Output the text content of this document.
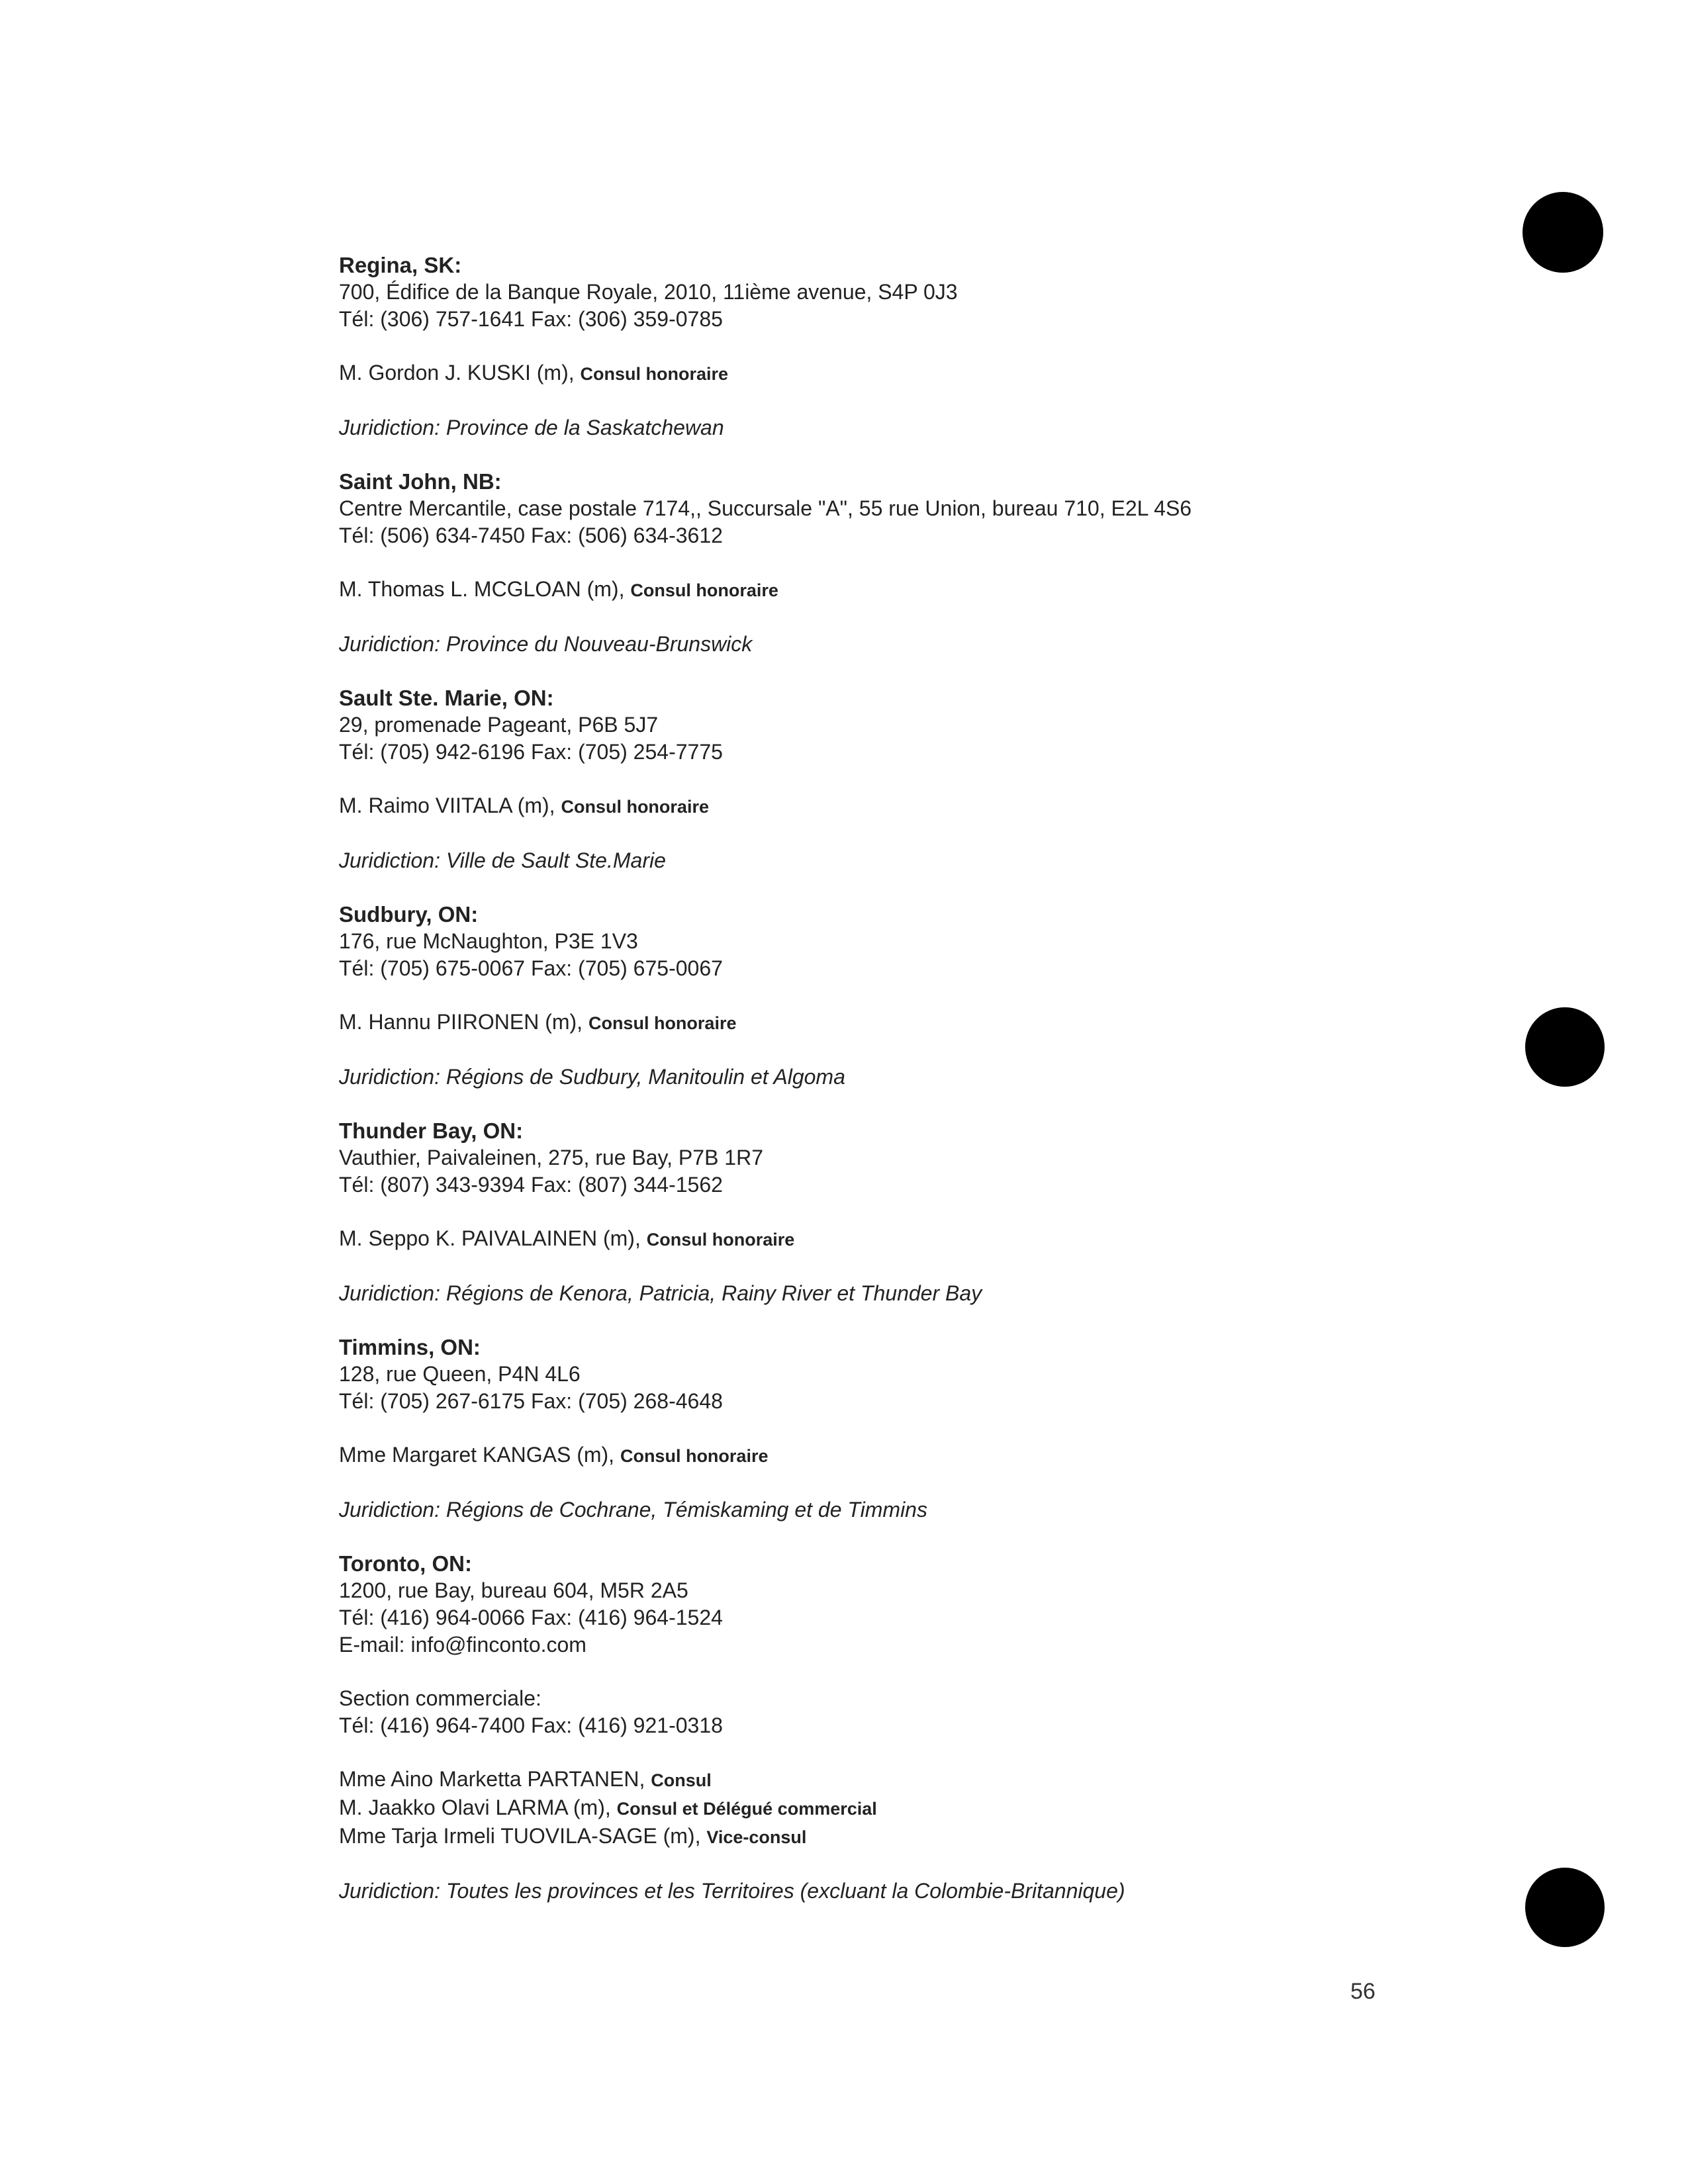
Regina, SK:
700, Édifice de la Banque Royale, 2010, 11ième avenue, S4P 0J3
Tél: (306) 757-1641 Fax: (306) 359-0785
M. Gordon J. KUSKI (m), Consul honoraire
Juridiction: Province de la Saskatchewan
Saint John, NB:
Centre Mercantile, case postale 7174,, Succursale "A", 55 rue Union, bureau 710, E2L 4S6
Tél: (506) 634-7450 Fax: (506) 634-3612
M. Thomas L. MCGLOAN (m), Consul honoraire
Juridiction: Province du Nouveau-Brunswick
Sault Ste. Marie, ON:
29, promenade Pageant, P6B 5J7
Tél: (705) 942-6196 Fax: (705) 254-7775
M. Raimo VIITALA (m), Consul honoraire
Juridiction: Ville de Sault Ste.Marie
Sudbury, ON:
176, rue McNaughton, P3E 1V3
Tél: (705) 675-0067 Fax: (705) 675-0067
M. Hannu PIIRONEN (m), Consul honoraire
Juridiction: Régions de Sudbury, Manitoulin et Algoma
Thunder Bay, ON:
Vauthier, Paivaleinen, 275, rue Bay, P7B 1R7
Tél: (807) 343-9394 Fax: (807) 344-1562
M. Seppo K. PAIVALAINEN (m), Consul honoraire
Juridiction: Régions de Kenora, Patricia, Rainy River et Thunder Bay
Timmins, ON:
128, rue Queen, P4N 4L6
Tél: (705) 267-6175 Fax: (705) 268-4648
Mme Margaret KANGAS (m), Consul honoraire
Juridiction: Régions de Cochrane, Témiskaming et de Timmins
Toronto, ON:
1200, rue Bay, bureau 604, M5R 2A5
Tél: (416) 964-0066 Fax: (416) 964-1524
E-mail: info@finconto.com
Section commerciale:
Tél: (416) 964-7400 Fax: (416) 921-0318
Mme Aino Marketta PARTANEN, Consul
M. Jaakko Olavi LARMA (m), Consul et Délégué commercial
Mme Tarja Irmeli TUOVILA-SAGE (m), Vice-consul
Juridiction: Toutes les provinces et les Territoires (excluant la Colombie-Britannique)
56
